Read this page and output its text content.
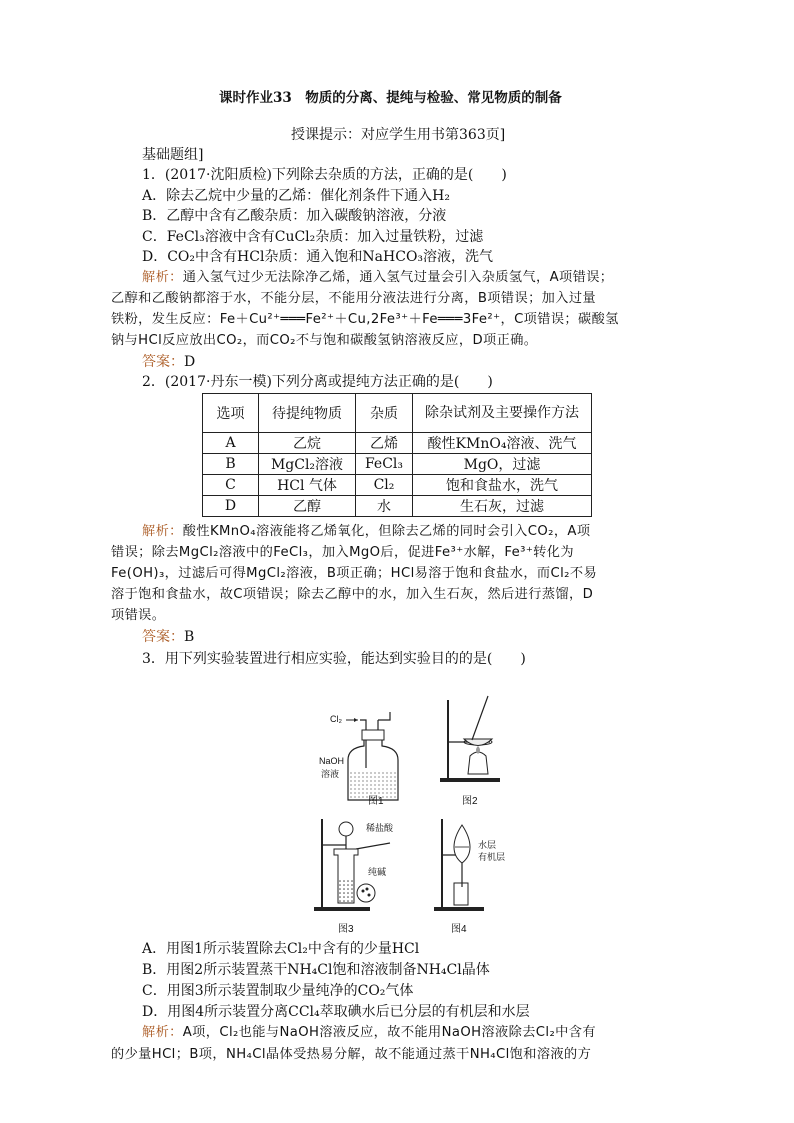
课时作业33　物质的分离、提纯与检验、常见物质的制备
授课提示：对应学生用书第363页]
基础题组]
1．(2017·沈阳质检)下列除去杂质的方法，正确的是(　　)
A．除去乙烷中少量的乙烯：催化剂条件下通入H₂
B．乙醇中含有乙酸杂质：加入碳酸钠溶液，分液
C．FeCl₃溶液中含有CuCl₂杂质：加入过量铁粉，过滤
D．CO₂中含有HCl杂质：通入饱和NaHCO₃溶液，洗气
解析：通入氢气过少无法除净乙烯，通入氢气过量会引入杂质氢气，A项错误；
乙醇和乙酸钠都溶于水，不能分层，不能用分液法进行分离，B项错误；加入过量
铁粉，发生反应：Fe＋Cu²⁺═══Fe²⁺＋Cu,2Fe³⁺＋Fe═══3Fe²⁺，C项错误；碳酸氢
钠与HCl反应放出CO₂，而CO₂不与饱和碳酸氢钠溶液反应，D项正确。
答案：D
2．(2017·丹东一模)下列分离或提纯方法正确的是(　　)
选项	待提纯物质	杂质	除杂试剂及主要操作方法
A	乙烷	乙烯	酸性KMnO₄溶液、洗气
B	MgCl₂溶液	FeCl₃	MgO，过滤
C	HCl 气体	Cl₂	饱和食盐水，洗气
D	乙醇	水	生石灰，过滤
解析：酸性KMnO₄溶液能将乙烯氧化，但除去乙烯的同时会引入CO₂，A项
错误；除去MgCl₂溶液中的FeCl₃，加入MgO后，促进Fe³⁺水解，Fe³⁺转化为
Fe(OH)₃，过滤后可得MgCl₂溶液，B项正确；HCl易溶于饱和食盐水，而Cl₂不易
溶于饱和食盐水，故C项错误；除去乙醇中的水，加入生石灰，然后进行蒸馏，D
项错误。
答案：B
3．用下列实验装置进行相应实验，能达到实验目的的是(　　)
Cl₂
NaOH
溶液
图1	图2
稀盐酸
纯碱
图3
水层
有机层
图4
A．用图1所示装置除去Cl₂中含有的少量HCl
B．用图2所示装置蒸干NH₄Cl饱和溶液制备NH₄Cl晶体
C．用图3所示装置制取少量纯净的CO₂气体
D．用图4所示装置分离CCl₄萃取碘水后已分层的有机层和水层
解析：A项，Cl₂也能与NaOH溶液反应，故不能用NaOH溶液除去Cl₂中含有
的少量HCl；B项，NH₄Cl晶体受热易分解，故不能通过蒸干NH₄Cl饱和溶液的方
